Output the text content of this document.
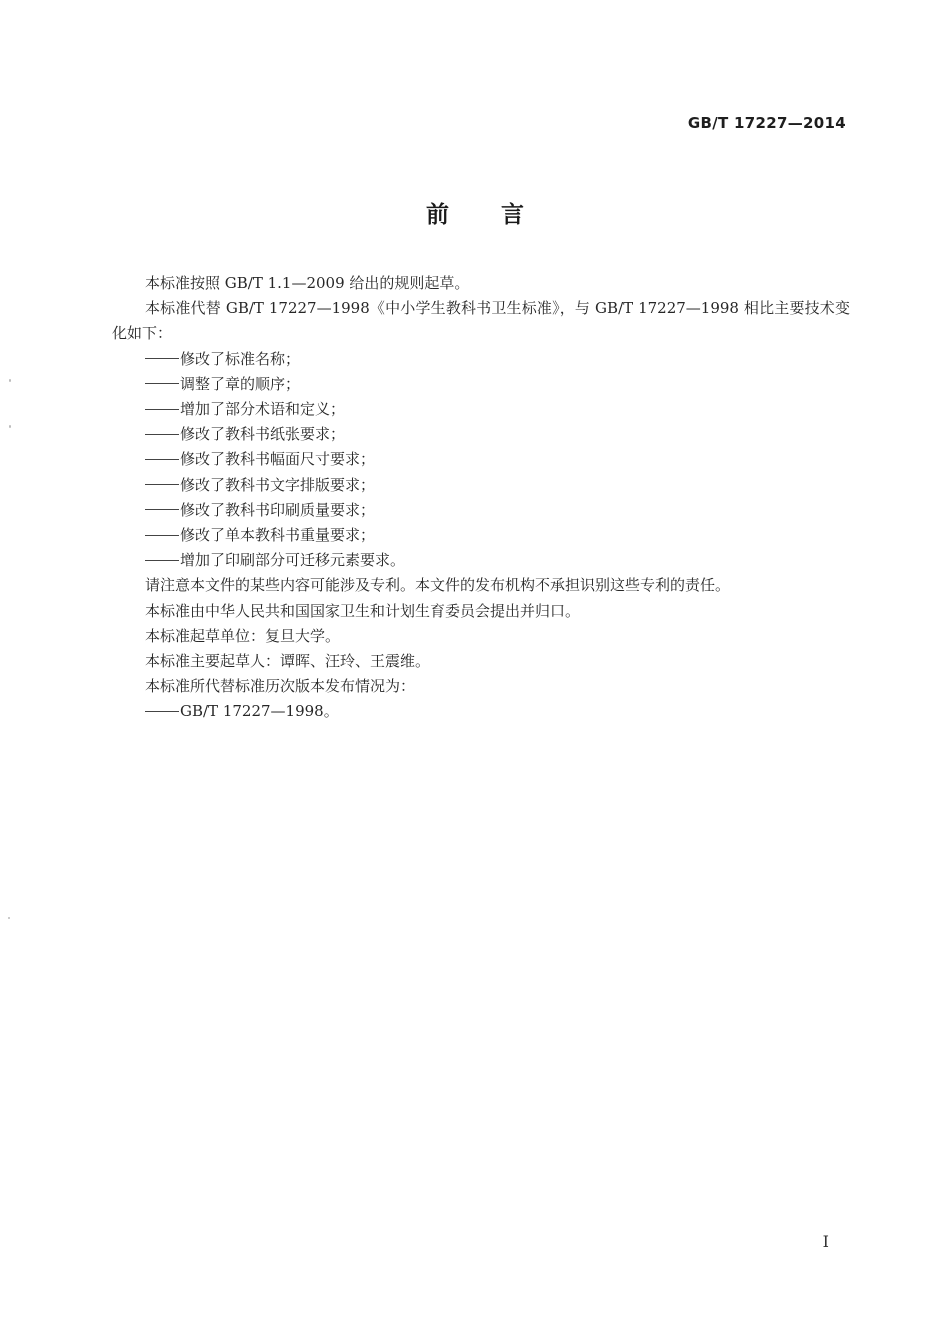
GB/T 17227—2014
前言

本标准按照 GB/T 1.1—2009 给出的规则起草。

本标准代替 GB/T 17227—1998《中小学生教科书卫生标准》，与 GB/T 17227—1998 相比主要技术变化如下：

修改了标准名称；

调整了章的顺序；

增加了部分术语和定义；

修改了教科书纸张要求；

修改了教科书幅面尺寸要求；

修改了教科书文字排版要求；

修改了教科书印刷质量要求；

修改了单本教科书重量要求；

增加了印刷部分可迁移元素要求。

请注意本文件的某些内容可能涉及专利。本文件的发布机构不承担识别这些专利的责任。

本标准由中华人民共和国国家卫生和计划生育委员会提出并归口。

本标准起草单位：复旦大学。

本标准主要起草人：谭晖、汪玲、王震维。

本标准所代替标准历次版本发布情况为：

GB/T 17227—1998。

I
